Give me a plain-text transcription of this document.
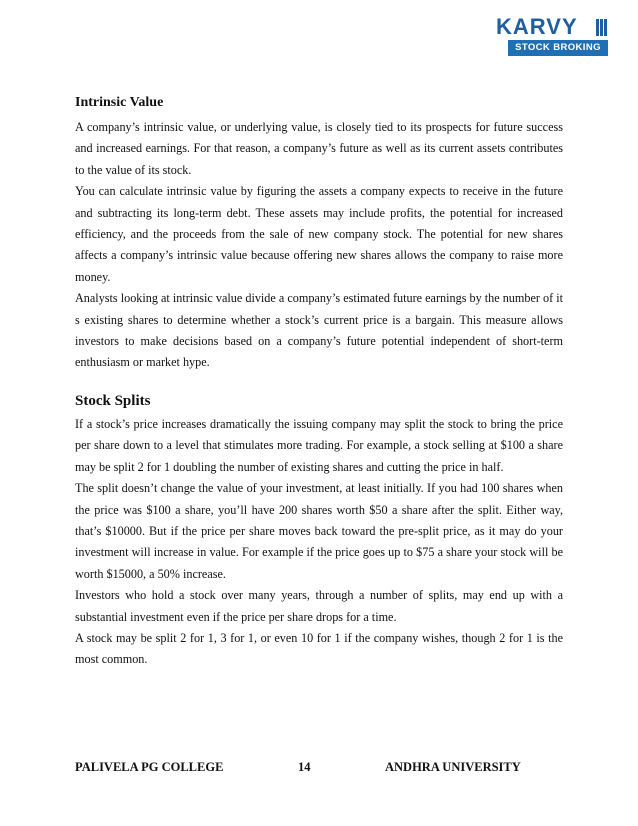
KARVY
STOCK BROKING
Intrinsic Value

A company’s intrinsic value, or underlying value, is closely tied to its prospects for future success and increased earnings. For that reason, a company’s future as well as its current assets contributes to the value of its stock.

You can calculate intrinsic value by figuring the assets a company expects to receive in the future and subtracting its long-term debt. These assets may include profits, the potential for increased efficiency, and the proceeds from the sale of new company stock. The potential for new shares affects a company’s intrinsic value because offering new shares allows the company to raise more money.

Analysts looking at intrinsic value divide a company’s estimated future earnings by the number of it s existing shares to determine whether a stock’s current price is a bargain. This measure allows investors to make decisions based on a company’s future potential independent of short-term enthusiasm or market hype.

Stock Splits

If a stock’s price increases dramatically the issuing company may split the stock to bring the price per share down to a level that stimulates more trading. For example, a stock selling at $100 a share may be split 2 for 1 doubling the number of existing shares and cutting the price in half.

The split doesn’t change the value of your investment, at least initially. If you had 100 shares when the price was $100 a share, you’ll have 200 shares worth $50 a share after the split. Either way, that’s $10000. But if the price per share moves back toward the pre-split price, as it may do your investment will increase in value. For example if the price goes up to $75 a share your stock will be worth $15000, a 50% increase.

Investors who hold a stock over many years, through a number of splits, may end up with a substantial investment even if the price per share drops for a time.

A stock may be split 2 for 1, 3 for 1, or even 10 for 1 if the company wishes, though 2 for 1 is the most common.

PALIVELA PG COLLEGE	14	ANDHRA UNIVERSITY
